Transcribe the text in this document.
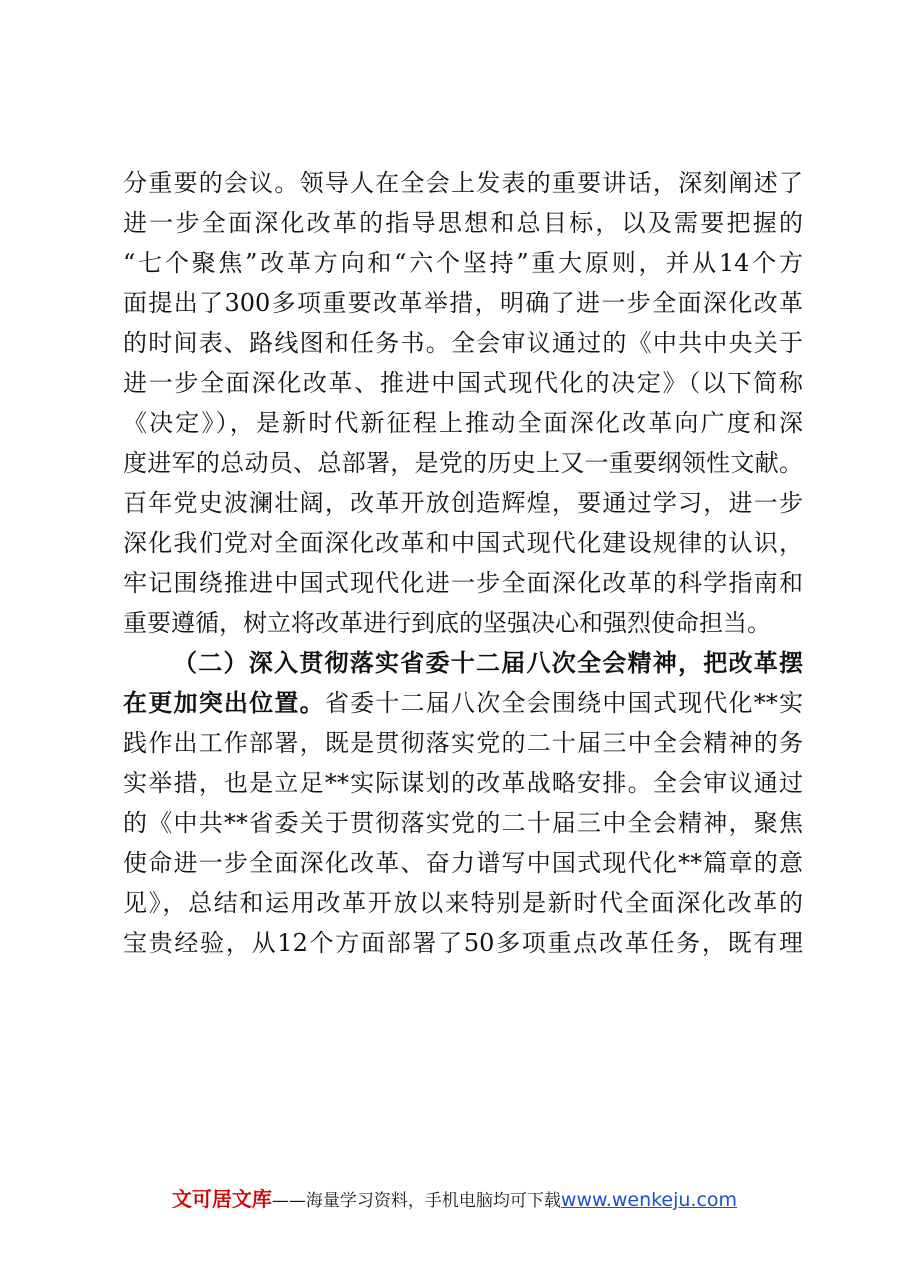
分重要的会议。领导人在全会上发表的重要讲话，深刻阐述了
进一步全面深化改革的指导思想和总目标，以及需要把握的
“七个聚焦”改革方向和“六个坚持”重大原则，并从14个方
面提出了300多项重要改革举措，明确了进一步全面深化改革
的时间表、路线图和任务书。全会审议通过的《中共中央关于
进一步全面深化改革、推进中国式现代化的决定》（以下简称
《决定》），是新时代新征程上推动全面深化改革向广度和深
度进军的总动员、总部署，是党的历史上又一重要纲领性文献。
百年党史波澜壮阔，改革开放创造辉煌，要通过学习，进一步
深化我们党对全面深化改革和中国式现代化建设规律的认识，
牢记围绕推进中国式现代化进一步全面深化改革的科学指南和
重要遵循，树立将改革进行到底的坚强决心和强烈使命担当。
（二）深入贯彻落实省委十二届八次全会精神，把改革摆
在更加突出位置。省委十二届八次全会围绕中国式现代化**实
践作出工作部署，既是贯彻落实党的二十届三中全会精神的务
实举措，也是立足**实际谋划的改革战略安排。全会审议通过
的《中共**省委关于贯彻落实党的二十届三中全会精神，聚焦
使命进一步全面深化改革、奋力谱写中国式现代化**篇章的意
见》，总结和运用改革开放以来特别是新时代全面深化改革的
宝贵经验，从12个方面部署了50多项重点改革任务，既有理
文可居文库——海量学习资料，手机电脑均可下载www.wenkeju.com
